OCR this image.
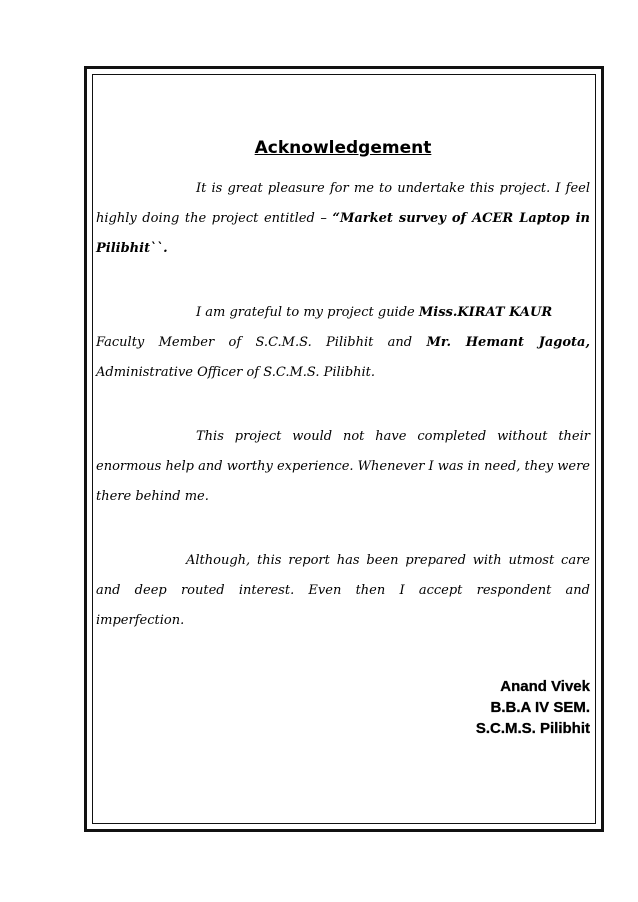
Acknowledgement

It is great pleasure for me to undertake this project. I feel highly doing the project entitled – “Market survey of ACER Laptop in Pilibhit``.

I am grateful to my project guide Miss.KIRAT KAUR
Faculty Member of S.C.M.S. Pilibhit and Mr. Hemant Jagota, Administrative Officer of S.C.M.S. Pilibhit.

This project would not have completed without their enormous help and worthy experience. Whenever I was in need, they were there behind me.

Although, this report has been prepared with utmost care and deep routed interest. Even then I accept respondent and imperfection.

Anand Vivek
B.B.A IV SEM.
S.C.M.S. Pilibhit
